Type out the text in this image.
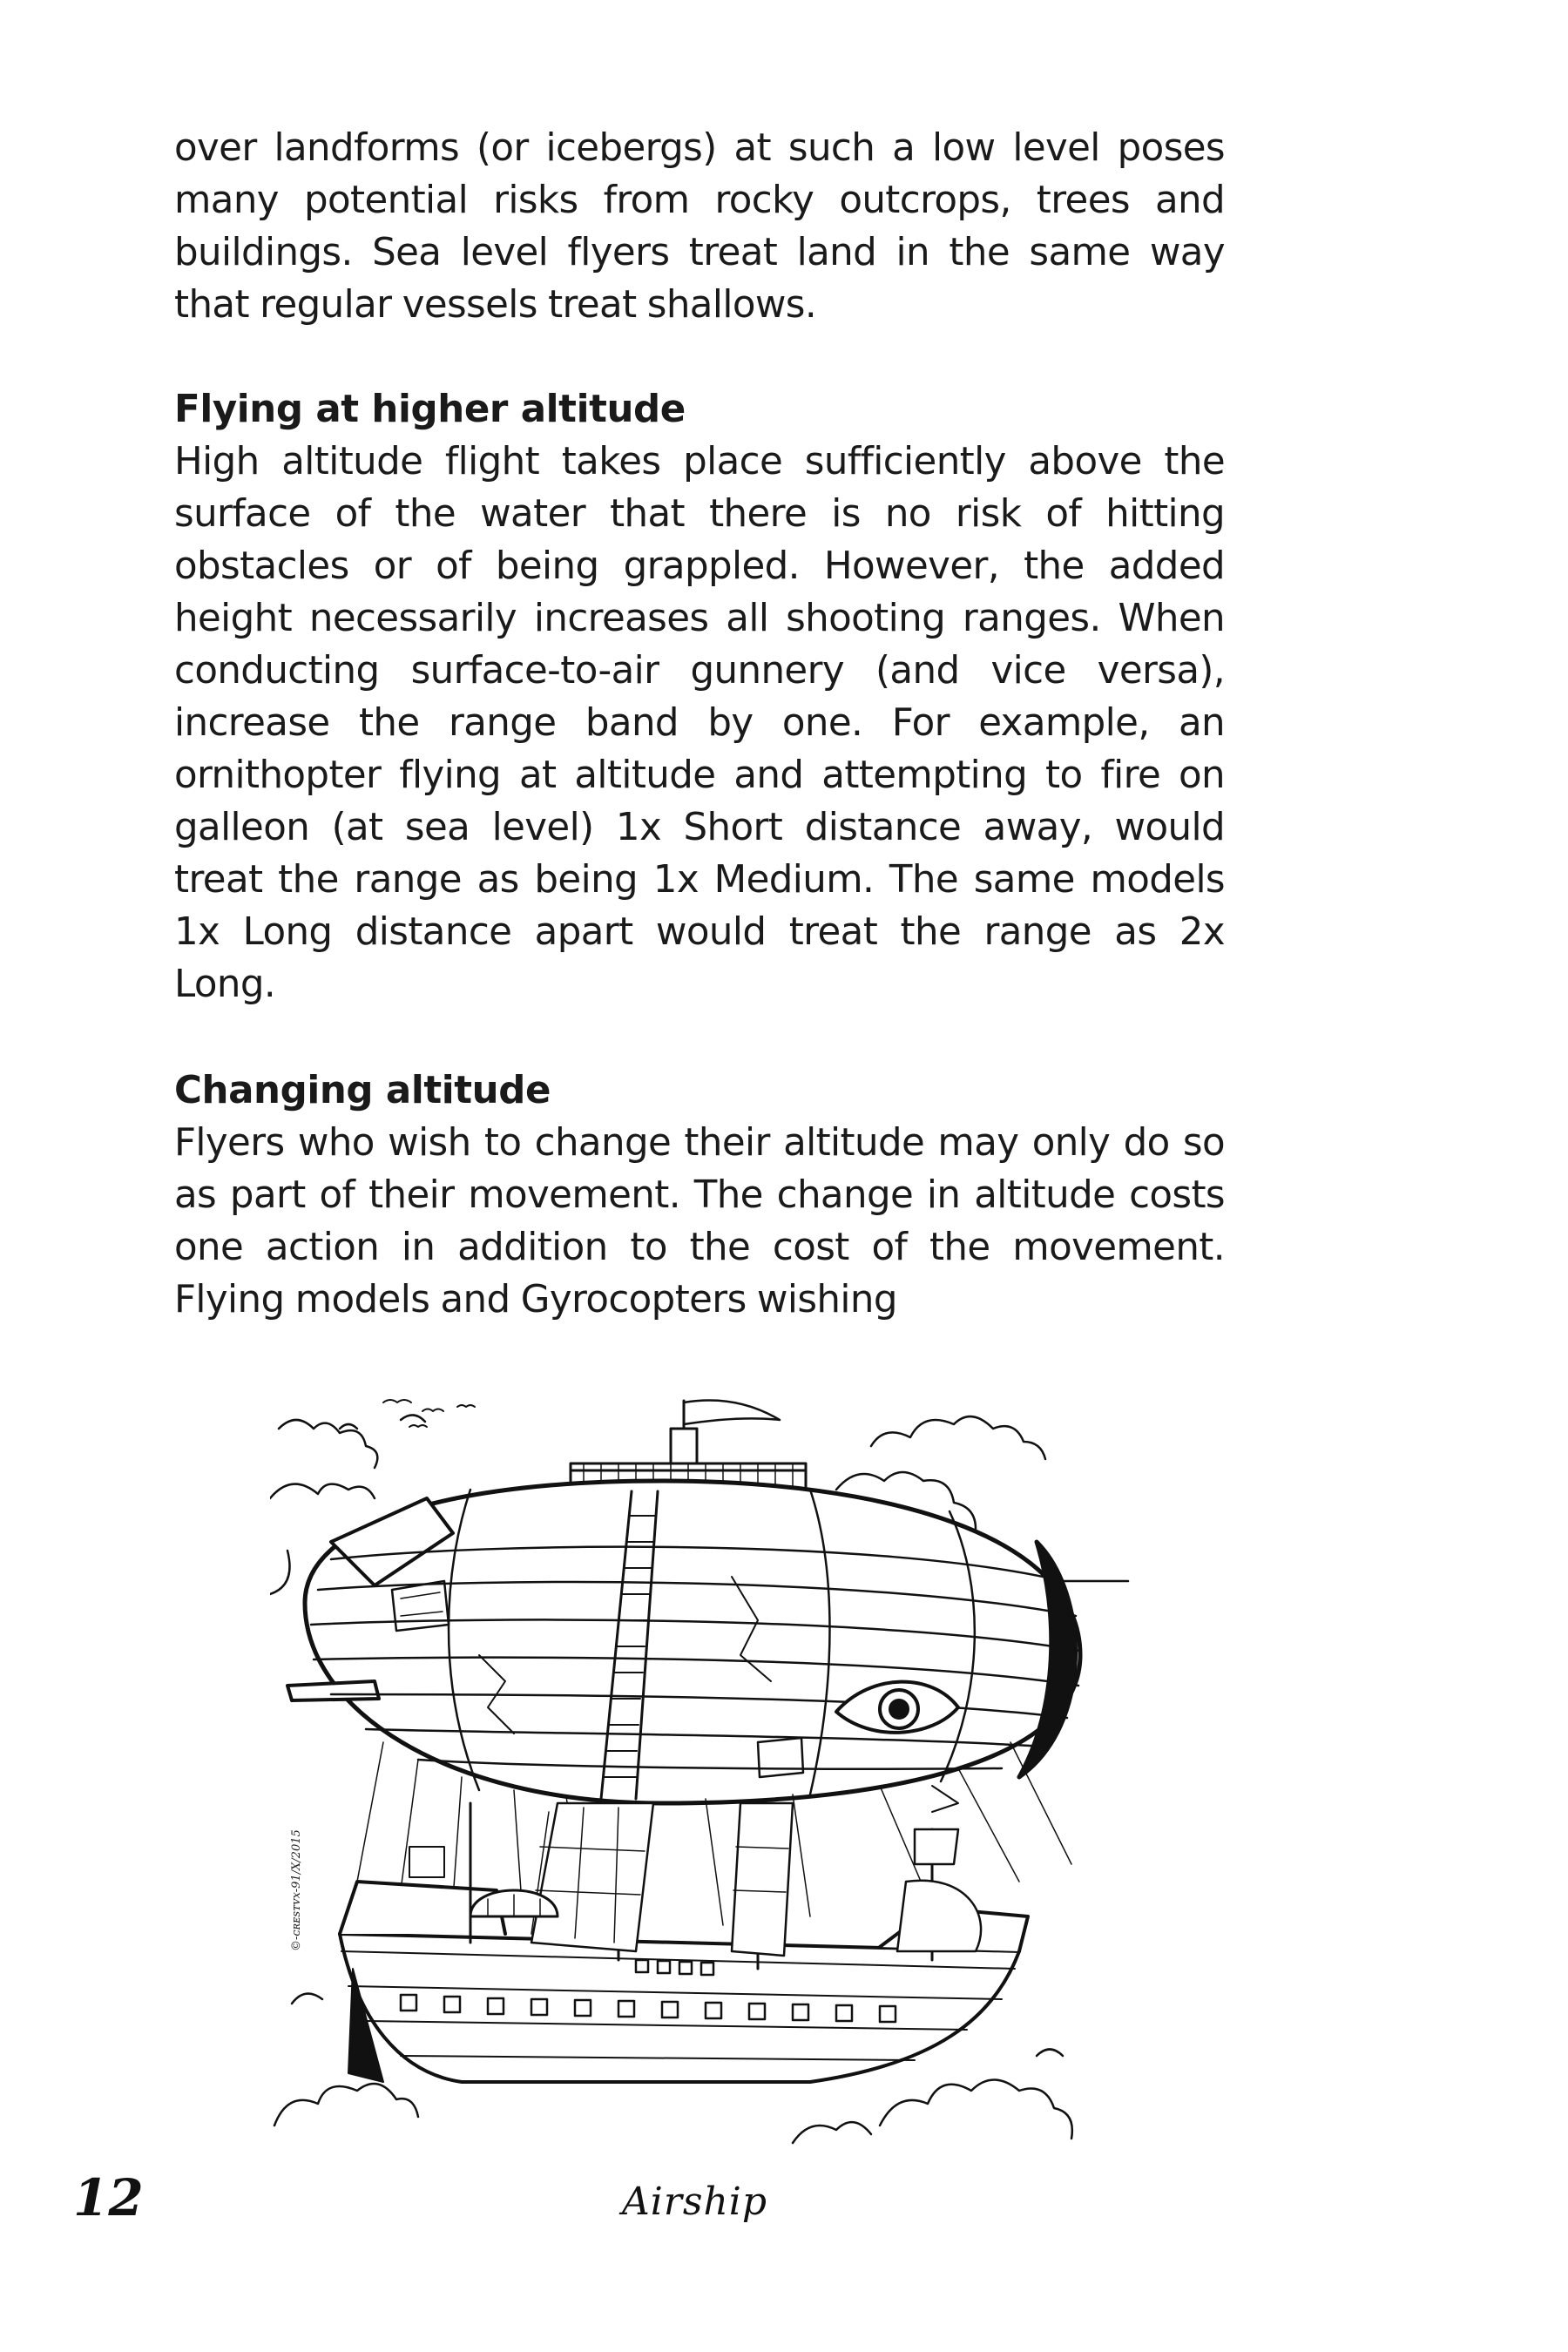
over landforms (or icebergs) at such a low level poses many potential risks from rocky outcrops, trees and buildings. Sea level flyers treat land in the same way that regular vessels treat shallows.

Flying at higher altitude

High altitude flight takes place sufficiently above the surface of the water that there is no risk of hitting obstacles or of being grappled. However, the added height necessarily increases all shooting ranges. When conducting surface-to-air gunnery (and vice versa), increase the range band by one. For example, an ornithopter flying at altitude and attempting to fire on galleon (at sea level) 1x Short distance away, would treat the range as being 1x Medium. The same models 1x Long distance apart would treat the range as 2x Long.

Changing altitude

Flyers who wish to change their altitude may only do so as part of their movement. The change in altitude costs one action in addition to the cost of the movement. Flying models and Gyrocopters wishing

©-ᴄʀᴇsᴛᴠx-91/X/2015
12	Airship
